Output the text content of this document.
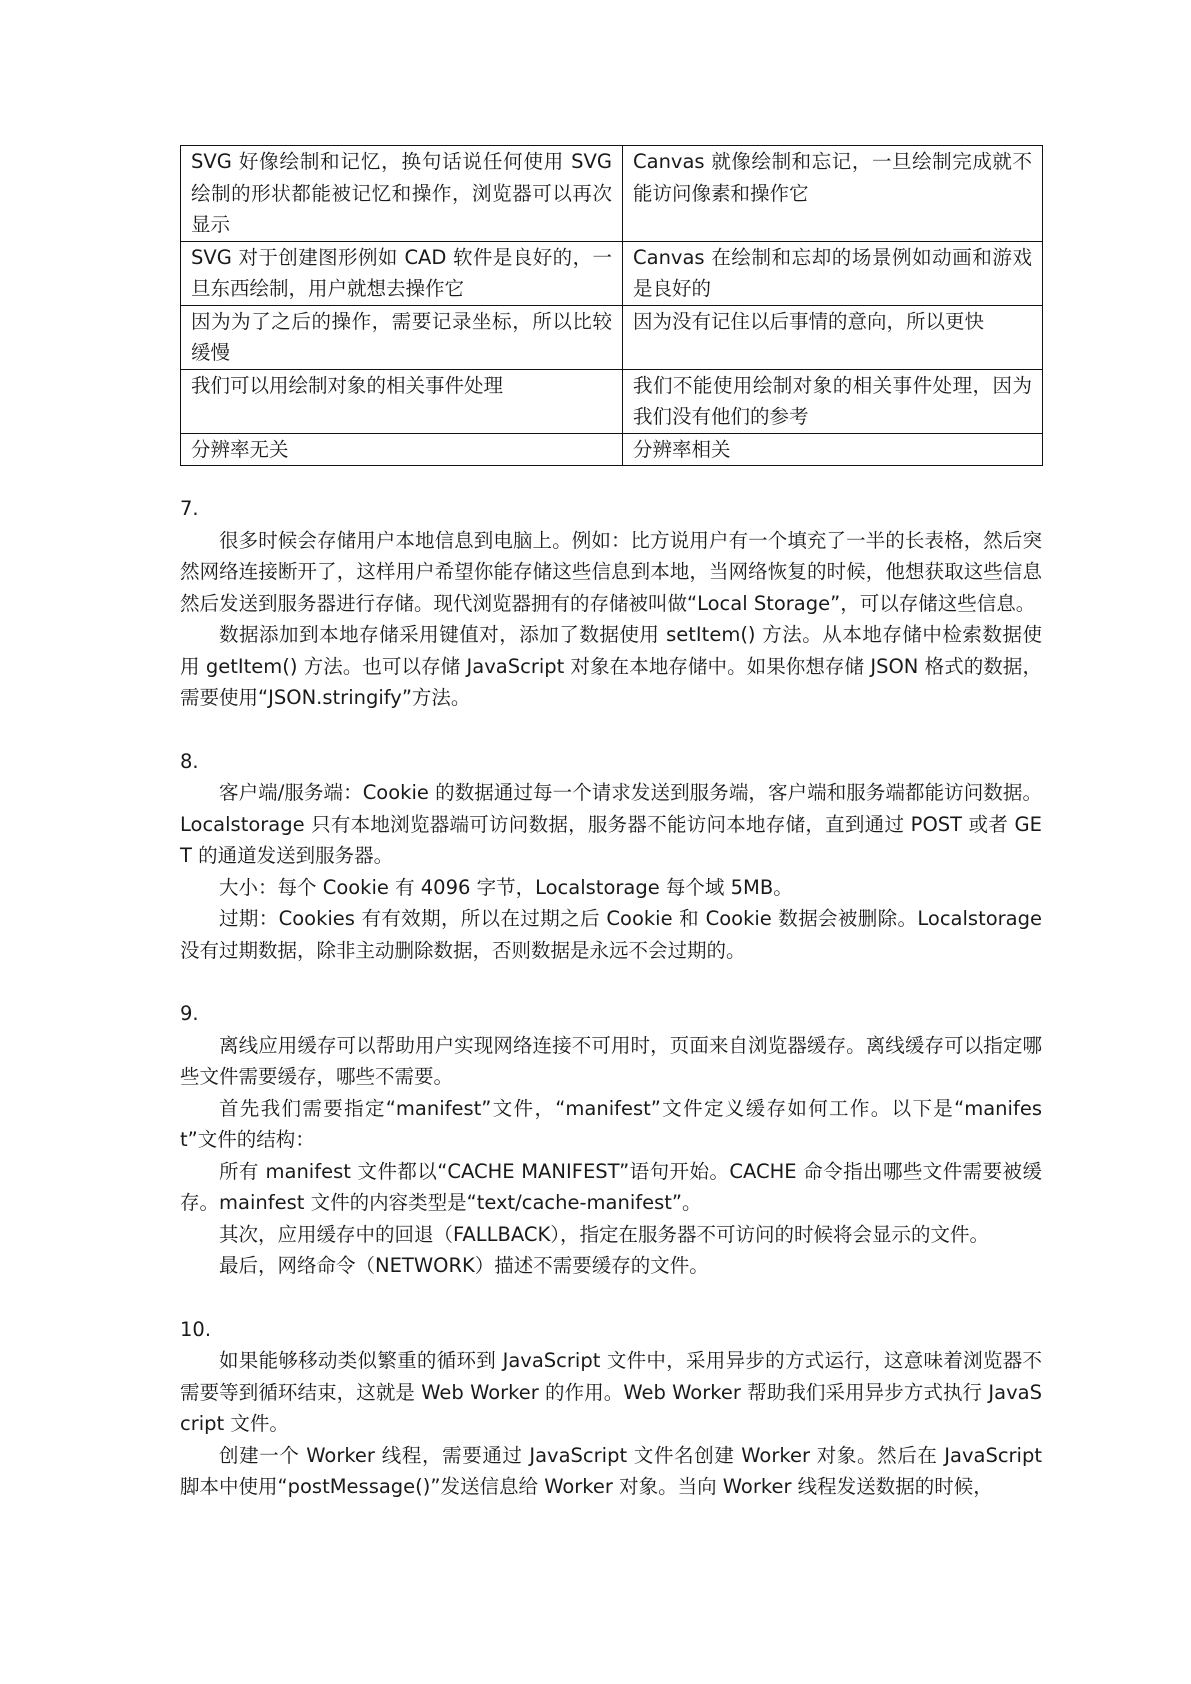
SVG 好像绘制和记忆，换句话说任何使用 SVG 绘制的形状都能被记忆和操作，浏览器可以再次显示	Canvas 就像绘制和忘记，一旦绘制完成就不能访问像素和操作它
SVG 对于创建图形例如 CAD 软件是良好的，一旦东西绘制，用户就想去操作它	Canvas 在绘制和忘却的场景例如动画和游戏是良好的
因为为了之后的操作，需要记录坐标，所以比较缓慢	因为没有记住以后事情的意向，所以更快
我们可以用绘制对象的相关事件处理	我们不能使用绘制对象的相关事件处理，因为我们没有他们的参考
分辨率无关	分辨率相关

7.

很多时候会存储用户本地信息到电脑上。例如：比方说用户有一个填充了一半的长表格，然后突然网络连接断开了，这样用户希望你能存储这些信息到本地，当网络恢复的时候，他想获取这些信息然后发送到服务器进行存储。现代浏览器拥有的存储被叫做“Local Storage”，可以存储这些信息。

数据添加到本地存储采用键值对，添加了数据使用 setItem() 方法。从本地存储中检索数据使用 getItem() 方法。也可以存储 JavaScript 对象在本地存储中。如果你想存储 JSON 格式的数据，需要使用“JSON.stringify”方法。

8.

客户端/服务端：Cookie 的数据通过每一个请求发送到服务端，客户端和服务端都能访问数据。Localstorage 只有本地浏览器端可访问数据，服务器不能访问本地存储，直到通过 POST 或者 GET 的通道发送到服务器。

大小：每个 Cookie 有 4096 字节，Localstorage 每个域 5MB。

过期：Cookies 有有效期，所以在过期之后 Cookie 和 Cookie 数据会被删除。Localstorage 没有过期数据，除非主动删除数据，否则数据是永远不会过期的。

9.

离线应用缓存可以帮助用户实现网络连接不可用时，页面来自浏览器缓存。离线缓存可以指定哪些文件需要缓存，哪些不需要。

首先我们需要指定“manifest”文件，“manifest”文件定义缓存如何工作。以下是“manifest”文件的结构：

所有 manifest 文件都以“CACHE MANIFEST”语句开始。CACHE 命令指出哪些文件需要被缓存。mainfest 文件的内容类型是“text/cache-manifest”。

其次，应用缓存中的回退（FALLBACK），指定在服务器不可访问的时候将会显示的文件。

最后，网络命令（NETWORK）描述不需要缓存的文件。

10.

如果能够移动类似繁重的循环到 JavaScript 文件中，采用异步的方式运行，这意味着浏览器不需要等到循环结束，这就是 Web Worker 的作用。Web Worker 帮助我们采用异步方式执行 JavaScript 文件。

创建一个 Worker 线程，需要通过 JavaScript 文件名创建 Worker 对象。然后在 JavaScript 脚本中使用“postMessage()”发送信息给 Worker 对象。当向 Worker 线程发送数据的时候，
